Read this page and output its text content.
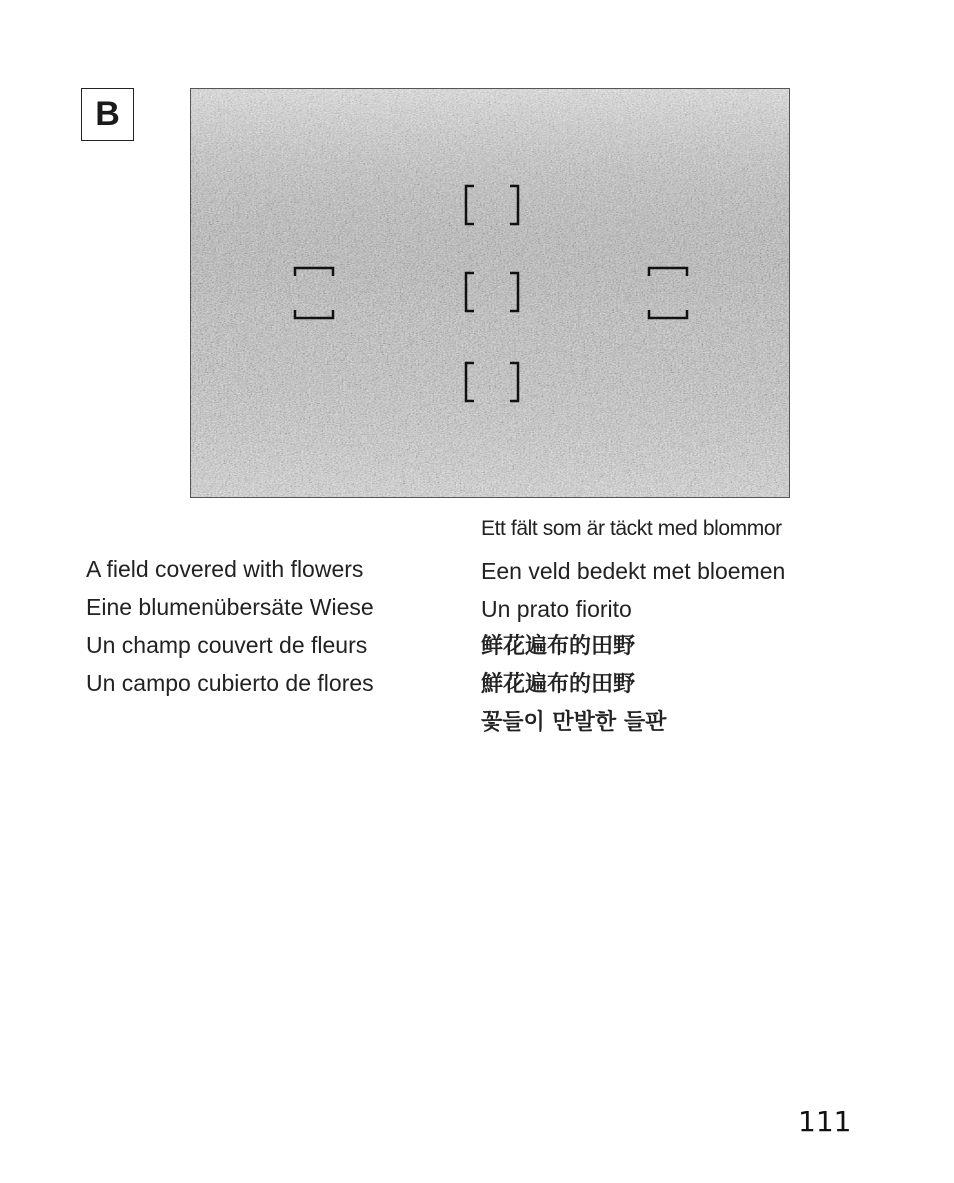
B
A field covered with flowers
Eine blumenübersäte Wiese
Un champ couvert de fleurs
Un campo cubierto de flores
Ett fält som är täckt med blommor
Een veld bedekt met bloemen
Un prato fiorito
鲜花遍布的田野
鮮花遍布的田野
꽃들이 만발한 들판
111
